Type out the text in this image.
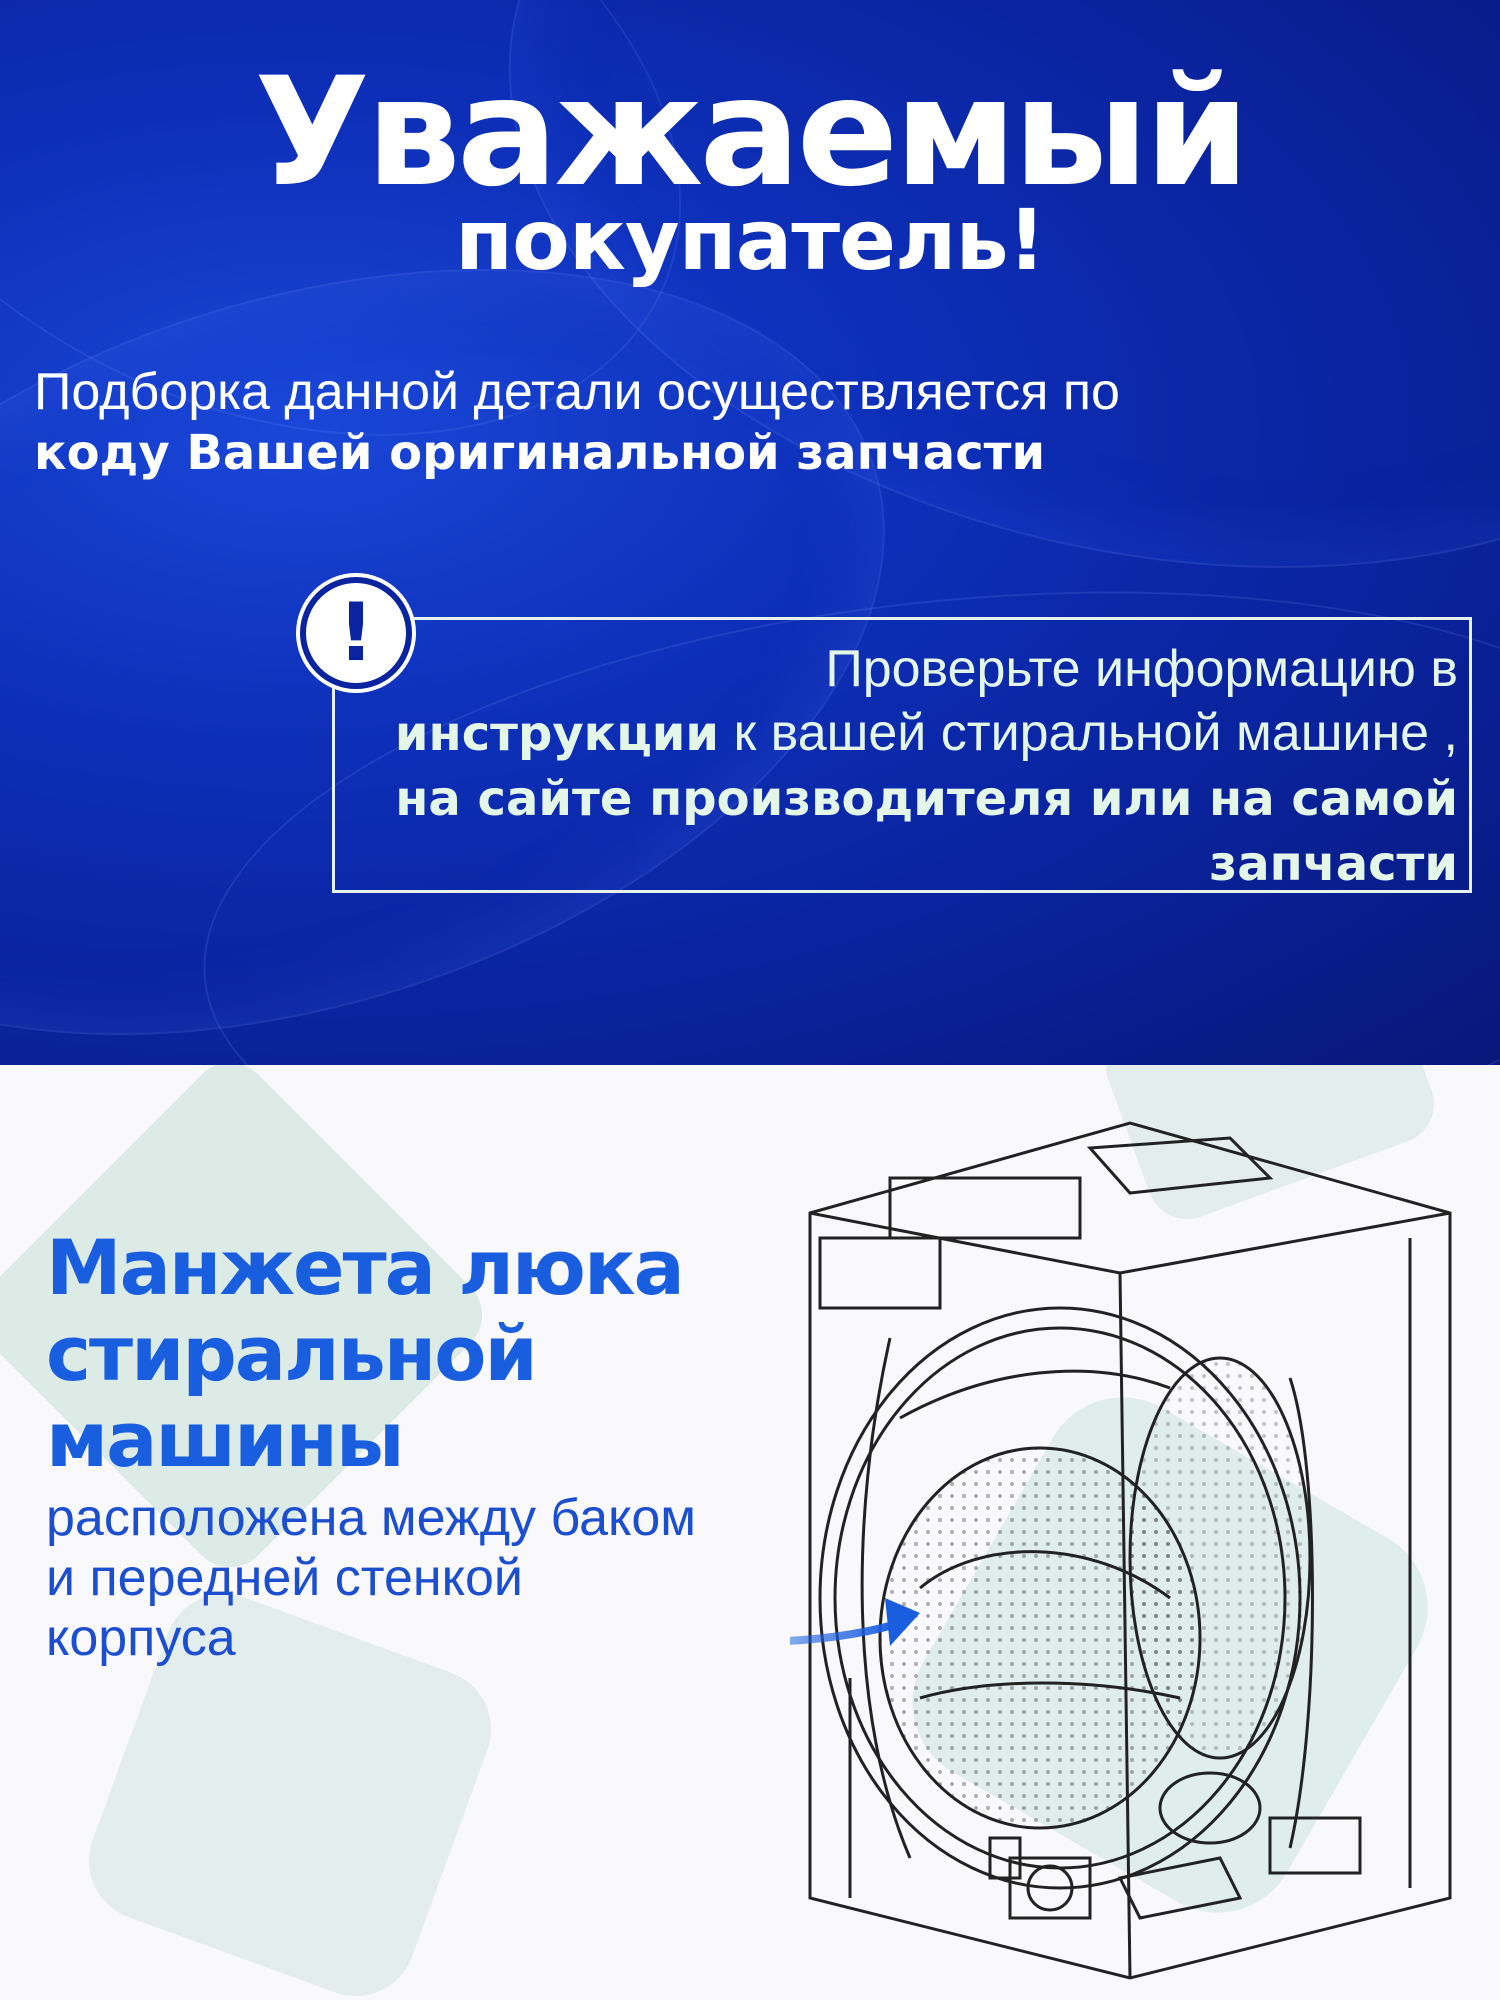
Уважаемый
покупатель!
Подборка данной детали осуществляется по коду Вашей оригинальной запчасти
!	Проверьте информацию в
инструкции к вашей стиральной машине , на сайте производителя или на самой запчасти
Манжета люка стиральной машины
расположена между баком и передней стенкой корпуса
